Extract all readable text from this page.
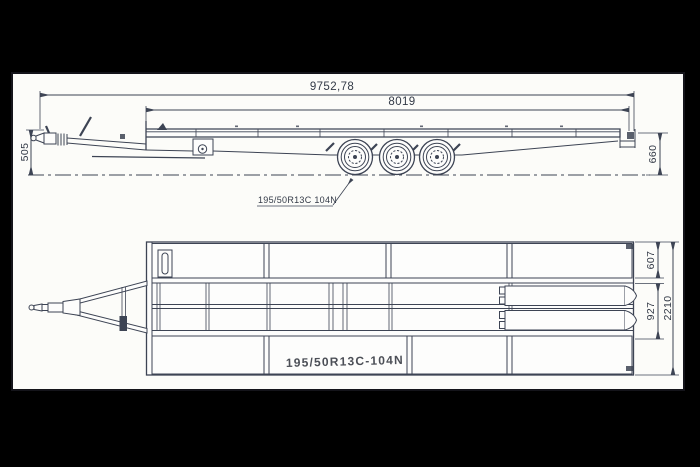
9752,78
8019
505	660
195/50R13C 104N
195/50R13C-104N
607
927 2210
